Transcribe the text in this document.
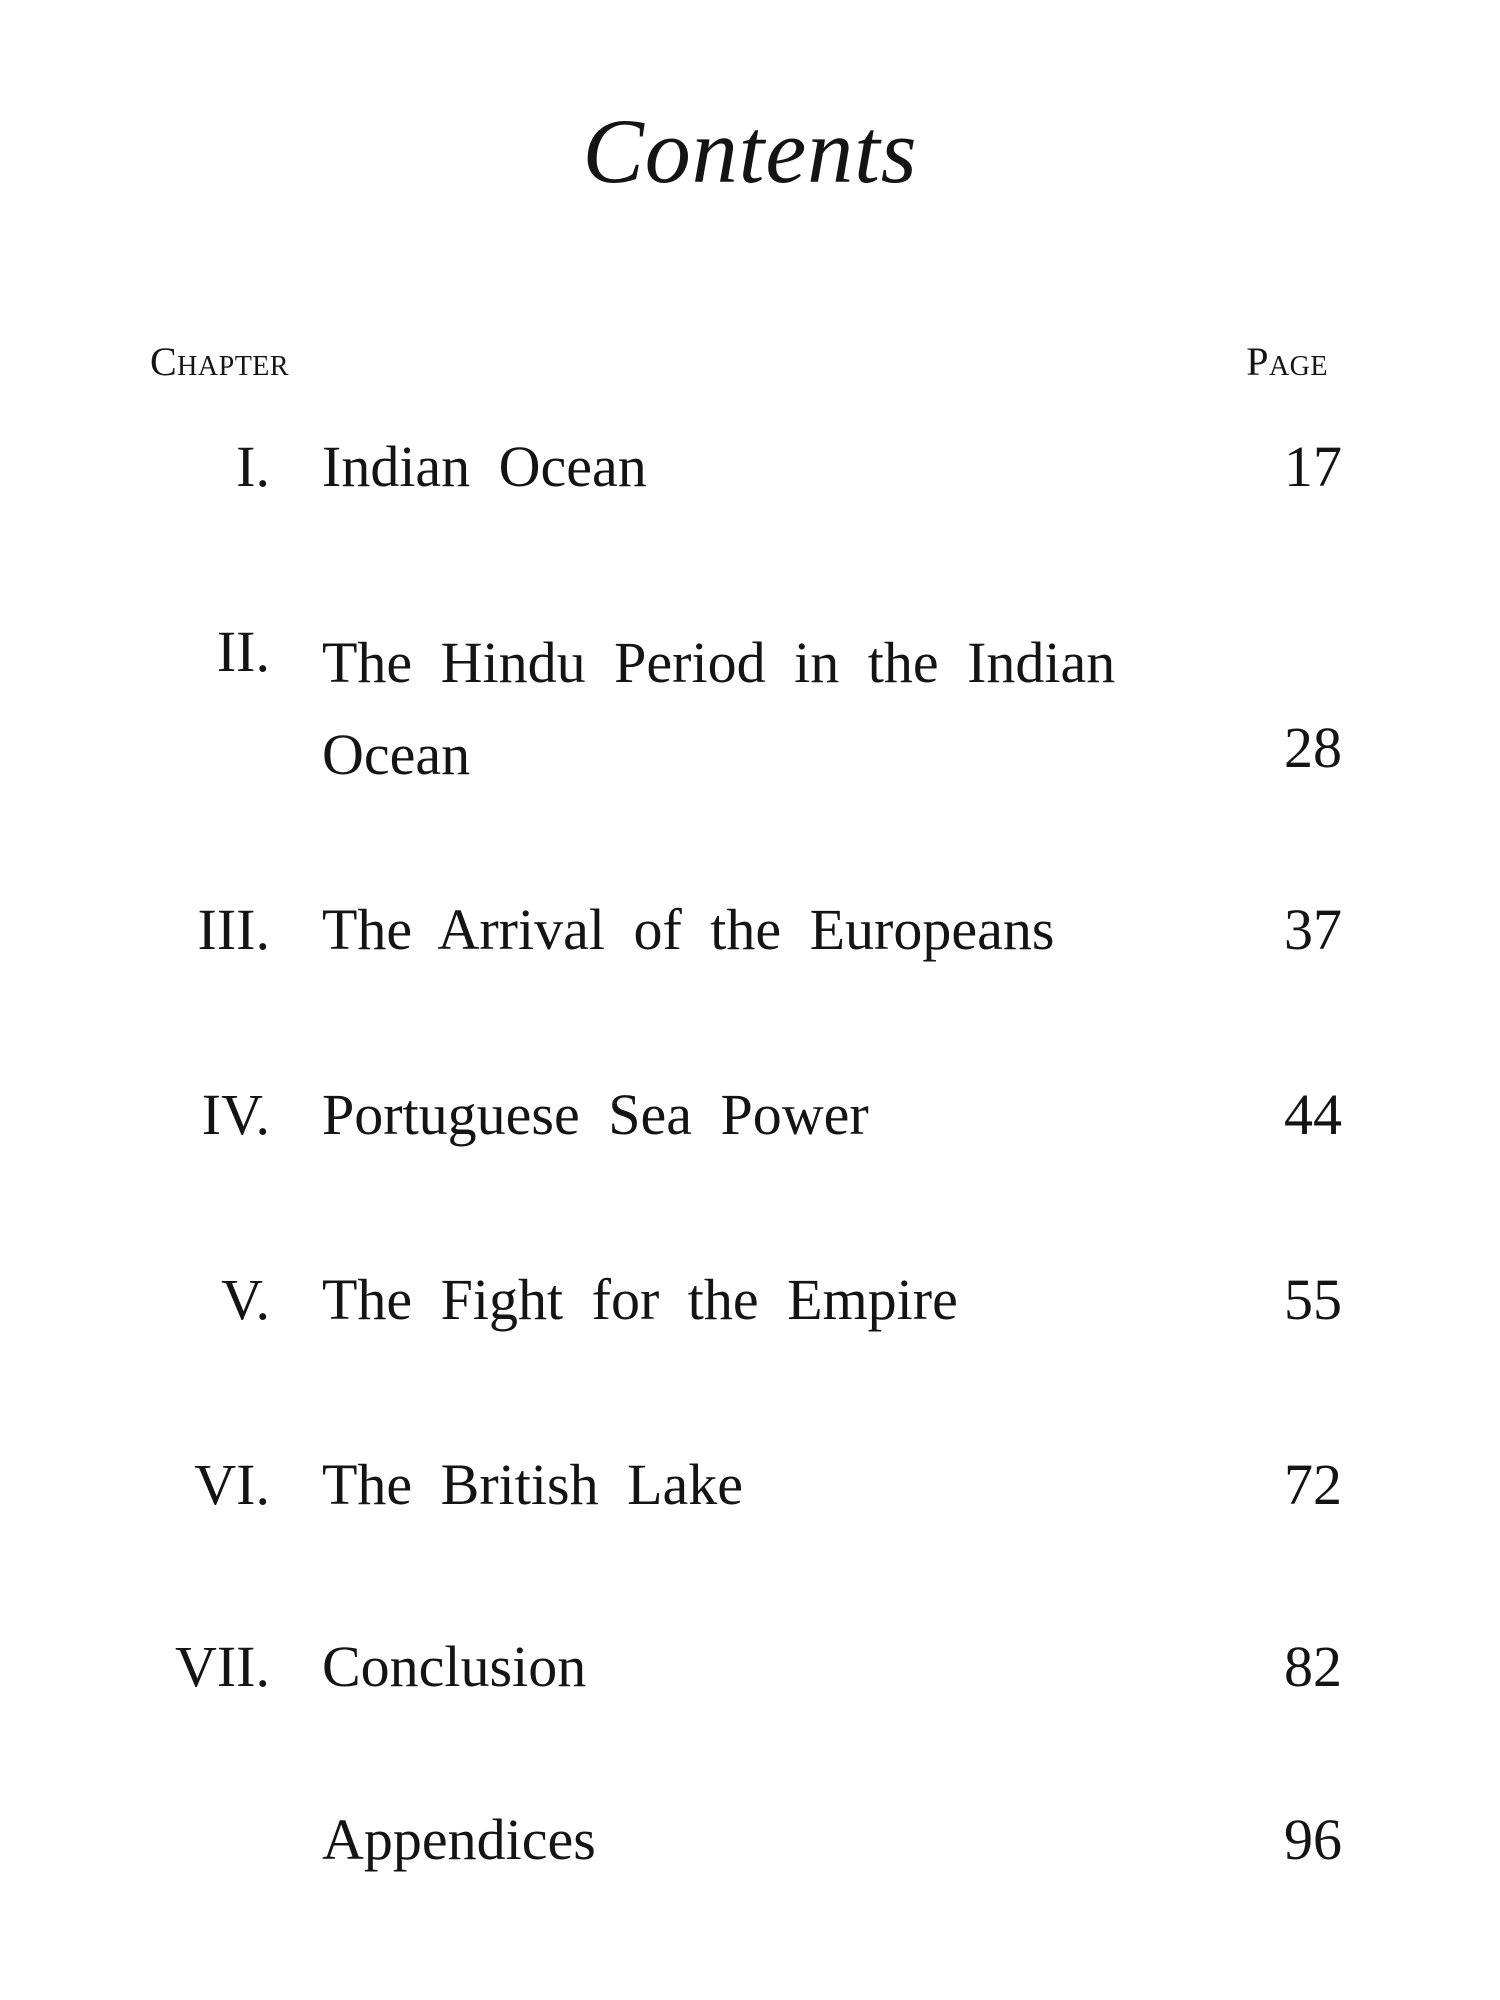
Contents
Chapter	Page
I. Indian Ocean	17
II. The Hindu Period in the Indian Ocean	28
III. The Arrival of the Europeans	37
IV. Portuguese Sea Power	44
V. The Fight for the Empire	55
VI. The British Lake	72
VII. Conclusion	82
Appendices	96
